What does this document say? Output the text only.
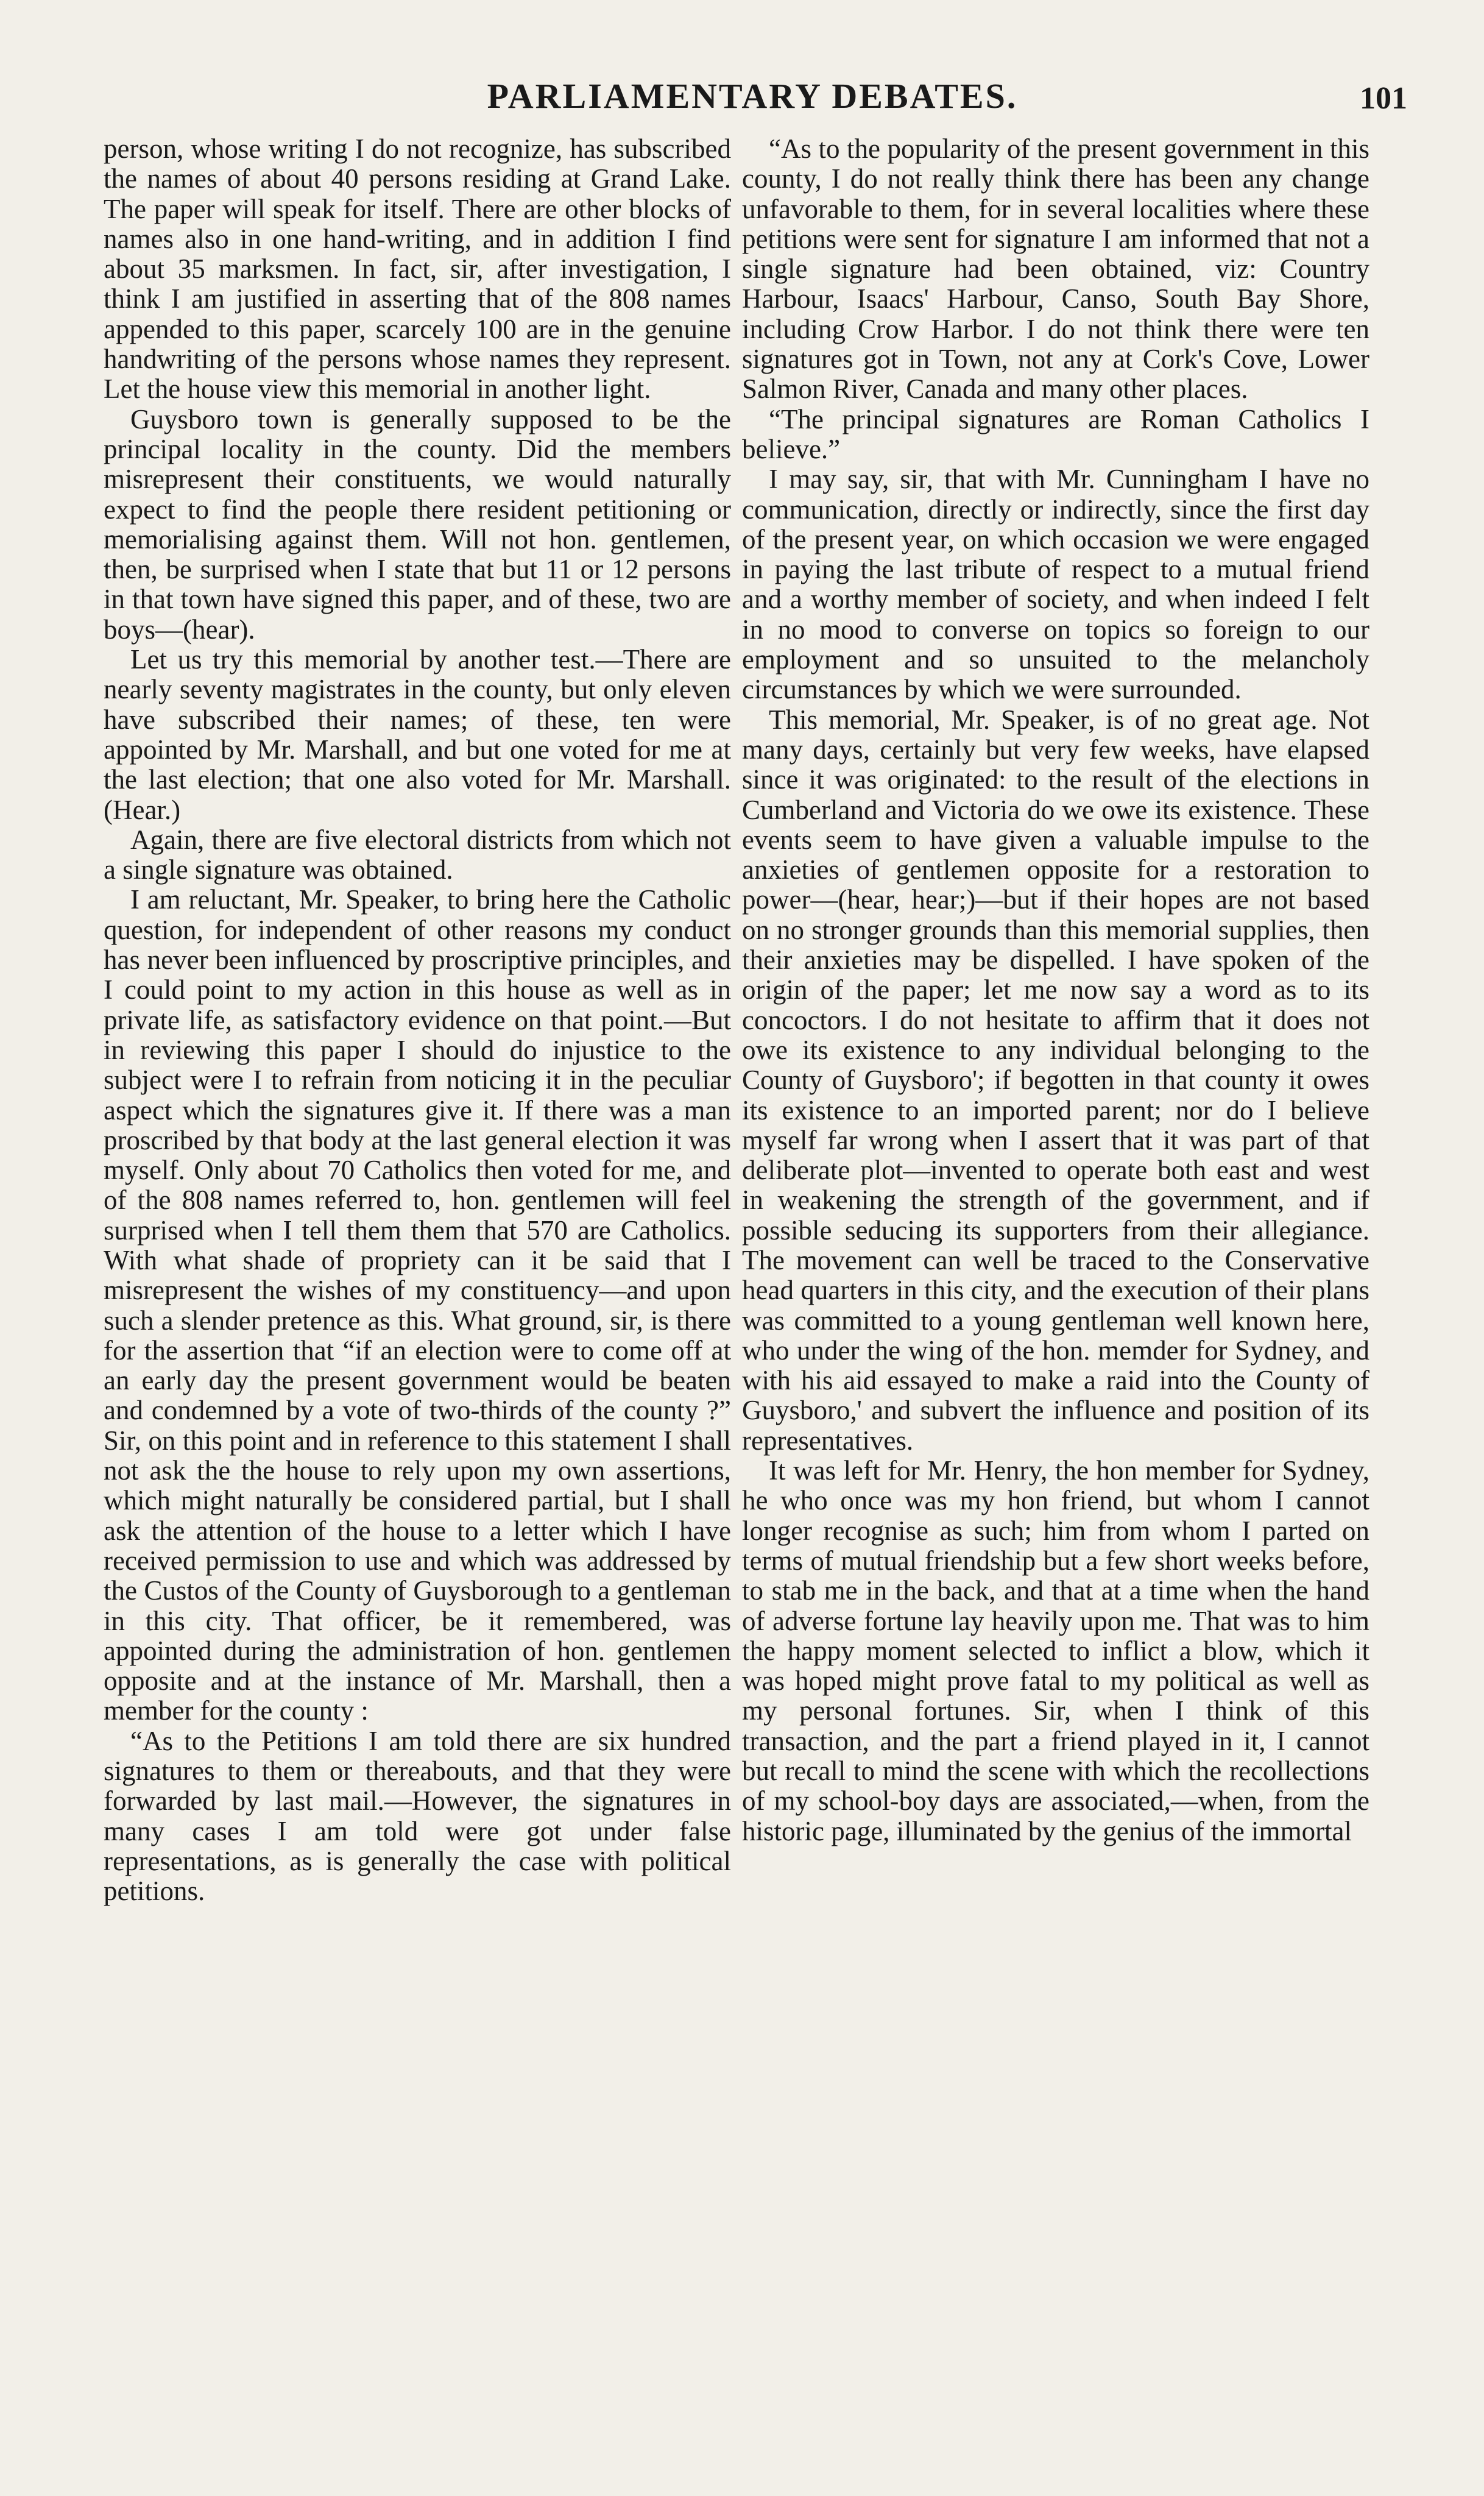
PARLIAMENTARY DEBATES.	101

person, whose writing I do not recognize, has subscribed the names of about 40 persons residing at Grand Lake. The paper will speak for itself. There are other blocks of names also in one hand-writing, and in addition I find about 35 marksmen. In fact, sir, after investigation, I think I am justified in asserting that of the 808 names appended to this paper, scarcely 100 are in the genuine handwriting of the persons whose names they represent. Let the house view this memorial in another light.

Guysboro town is generally supposed to be the principal locality in the county. Did the members misrepresent their constituents, we would naturally expect to find the people there resident petitioning or memorialising against them. Will not hon. gentlemen, then, be surprised when I state that but 11 or 12 persons in that town have signed this paper, and of these, two are boys—(hear).

Let us try this memorial by another test.—There are nearly seventy magistrates in the county, but only eleven have subscribed their names; of these, ten were appointed by Mr. Marshall, and but one voted for me at the last election; that one also voted for Mr. Marshall. (Hear.)

Again, there are five electoral districts from which not a single signature was obtained.

I am reluctant, Mr. Speaker, to bring here the Catholic question, for independent of other reasons my conduct has never been influenced by proscriptive principles, and I could point to my action in this house as well as in private life, as satisfactory evidence on that point.—But in reviewing this paper I should do injustice to the subject were I to refrain from noticing it in the peculiar aspect which the signatures give it. If there was a man proscribed by that body at the last general election it was myself. Only about 70 Catholics then voted for me, and of the 808 names referred to, hon. gentlemen will feel surprised when I tell them them that 570 are Catholics. With what shade of propriety can it be said that I misrepresent the wishes of my constituency—and upon such a slender pretence as this. What ground, sir, is there for the assertion that “if an election were to come off at an early day the present government would be beaten and condemned by a vote of two-thirds of the county ?” Sir, on this point and in reference to this statement I shall not ask the the house to rely upon my own assertions, which might naturally be considered partial, but I shall ask the attention of the house to a letter which I have received permission to use and which was addressed by the Custos of the County of Guysborough to a gentleman in this city. That officer, be it remembered, was appointed during the administration of hon. gentlemen opposite and at the instance of Mr. Marshall, then a member for the county :

“As to the Petitions I am told there are six hundred signatures to them or thereabouts, and that they were forwarded by last mail.—However, the signatures in many cases I am told were got under false representations, as is generally the case with political petitions.

“As to the popularity of the present government in this county, I do not really think there has been any change unfavorable to them, for in several localities where these petitions were sent for signature I am informed that not a single signature had been obtained, viz: Country Harbour, Isaacs' Harbour, Canso, South Bay Shore, including Crow Harbor. I do not think there were ten signatures got in Town, not any at Cork's Cove, Lower Salmon River, Canada and many other places.

“The principal signatures are Roman Catholics I believe.”

I may say, sir, that with Mr. Cunningham I have no communication, directly or indirectly, since the first day of the present year, on which occasion we were engaged in paying the last tribute of respect to a mutual friend and a worthy member of society, and when indeed I felt in no mood to converse on topics so foreign to our employment and so unsuited to the melancholy circumstances by which we were surrounded.

This memorial, Mr. Speaker, is of no great age. Not many days, certainly but very few weeks, have elapsed since it was originated: to the result of the elections in Cumberland and Victoria do we owe its existence. These events seem to have given a valuable impulse to the anxieties of gentlemen opposite for a restoration to power—(hear, hear;)—but if their hopes are not based on no stronger grounds than this memorial supplies, then their anxieties may be dispelled. I have spoken of the origin of the paper; let me now say a word as to its concoctors. I do not hesitate to affirm that it does not owe its existence to any individual belonging to the County of Guysboro'; if begotten in that county it owes its existence to an imported parent; nor do I believe myself far wrong when I assert that it was part of that deliberate plot—invented to operate both east and west in weakening the strength of the government, and if possible seducing its supporters from their allegiance. The movement can well be traced to the Conservative head quarters in this city, and the execution of their plans was committed to a young gentleman well known here, who under the wing of the hon. memder for Sydney, and with his aid essayed to make a raid into the County of Guysboro,' and subvert the influence and position of its representatives.

It was left for Mr. Henry, the hon member for Sydney, he who once was my hon friend, but whom I cannot longer recognise as such; him from whom I parted on terms of mutual friendship but a few short weeks before, to stab me in the back, and that at a time when the hand of adverse fortune lay heavily upon me. That was to him the happy moment selected to inflict a blow, which it was hoped might prove fatal to my political as well as my personal fortunes. Sir, when I think of this transaction, and the part a friend played in it, I cannot but recall to mind the scene with which the recollections of my school-boy days are associated,—when, from the historic page, illuminated by the genius of the immortal
